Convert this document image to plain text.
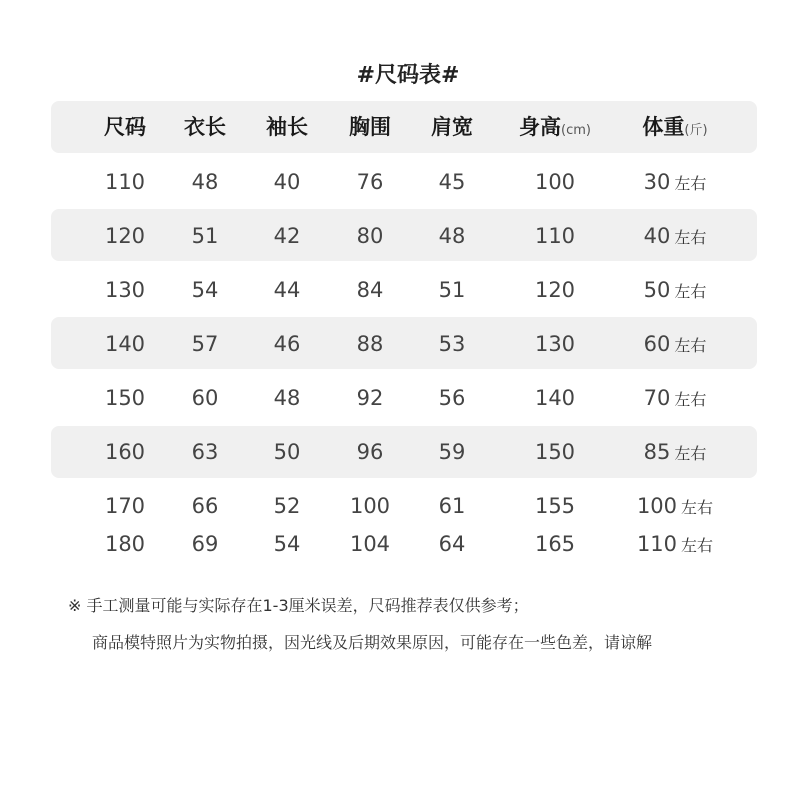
#尺码表#
尺码	衣长	袖长	胸围	肩宽	身高(cm)	体重(斤)
110	48	40	76	45	100	30 左右
120	51	42	80	48	110	40 左右
130	54	44	84	51	120	50 左右
140	57	46	88	53	130	60 左右
150	60	48	92	56	140	70 左右
160	63	50	96	59	150	85 左右
170	66	52	100	61	155	100 左右
180	69	54	104	64	165	110 左右
※ 手工测量可能与实际存在1-3厘米误差，尺码推荐表仅供参考；
商品模特照片为实物拍摄，因光线及后期效果原因，可能存在一些色差，请谅解
